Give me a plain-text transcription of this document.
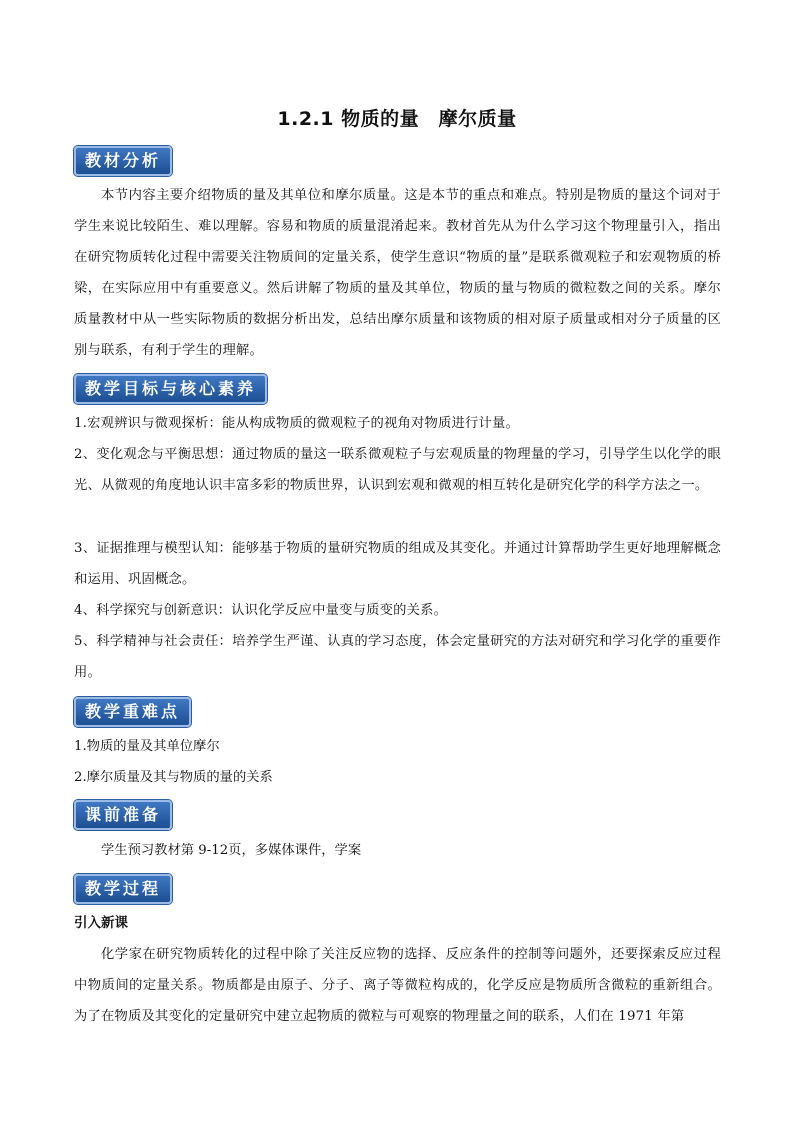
1.2.1 物质的量　摩尔质量
教材分析
本节内容主要介绍物质的量及其单位和摩尔质量。这是本节的重点和难点。特别是物质的量这个词对于学生来说比较陌生、难以理解。容易和物质的质量混淆起来。教材首先从为什么学习这个物理量引入，指出在研究物质转化过程中需要关注物质间的定量关系，使学生意识“物质的量”是联系微观粒子和宏观物质的桥梁，在实际应用中有重要意义。然后讲解了物质的量及其单位，物质的量与物质的微粒数之间的关系。摩尔质量教材中从一些实际物质的数据分析出发，总结出摩尔质量和该物质的相对原子质量或相对分子质量的区别与联系，有利于学生的理解。
教学目标与核心素养
1.宏观辨识与微观探析：能从构成物质的微观粒子的视角对物质进行计量。
2、变化观念与平衡思想：通过物质的量这一联系微观粒子与宏观质量的物理量的学习，引导学生以化学的眼光、从微观的角度地认识丰富多彩的物质世界，认识到宏观和微观的相互转化是研究化学的科学方法之一。
3、证据推理与模型认知：能够基于物质的量研究物质的组成及其变化。并通过计算帮助学生更好地理解概念和运用、巩固概念。
4、科学探究与创新意识：认识化学反应中量变与质变的关系。
5、科学精神与社会责任：培养学生严谨、认真的学习态度，体会定量研究的方法对研究和学习化学的重要作用。
教学重难点
1.物质的量及其单位摩尔
2.摩尔质量及其与物质的量的关系
课前准备
学生预习教材第 9-12页，多媒体课件，学案
教学过程
引入新课
化学家在研究物质转化的过程中除了关注反应物的选择、反应条件的控制等问题外，还要探索反应过程中物质间的定量关系。物质都是由原子、分子、离子等微粒构成的，化学反应是物质所含微粒的重新组合。为了在物质及其变化的定量研究中建立起物质的微粒与可观察的物理量之间的联系，人们在 1971 年第
